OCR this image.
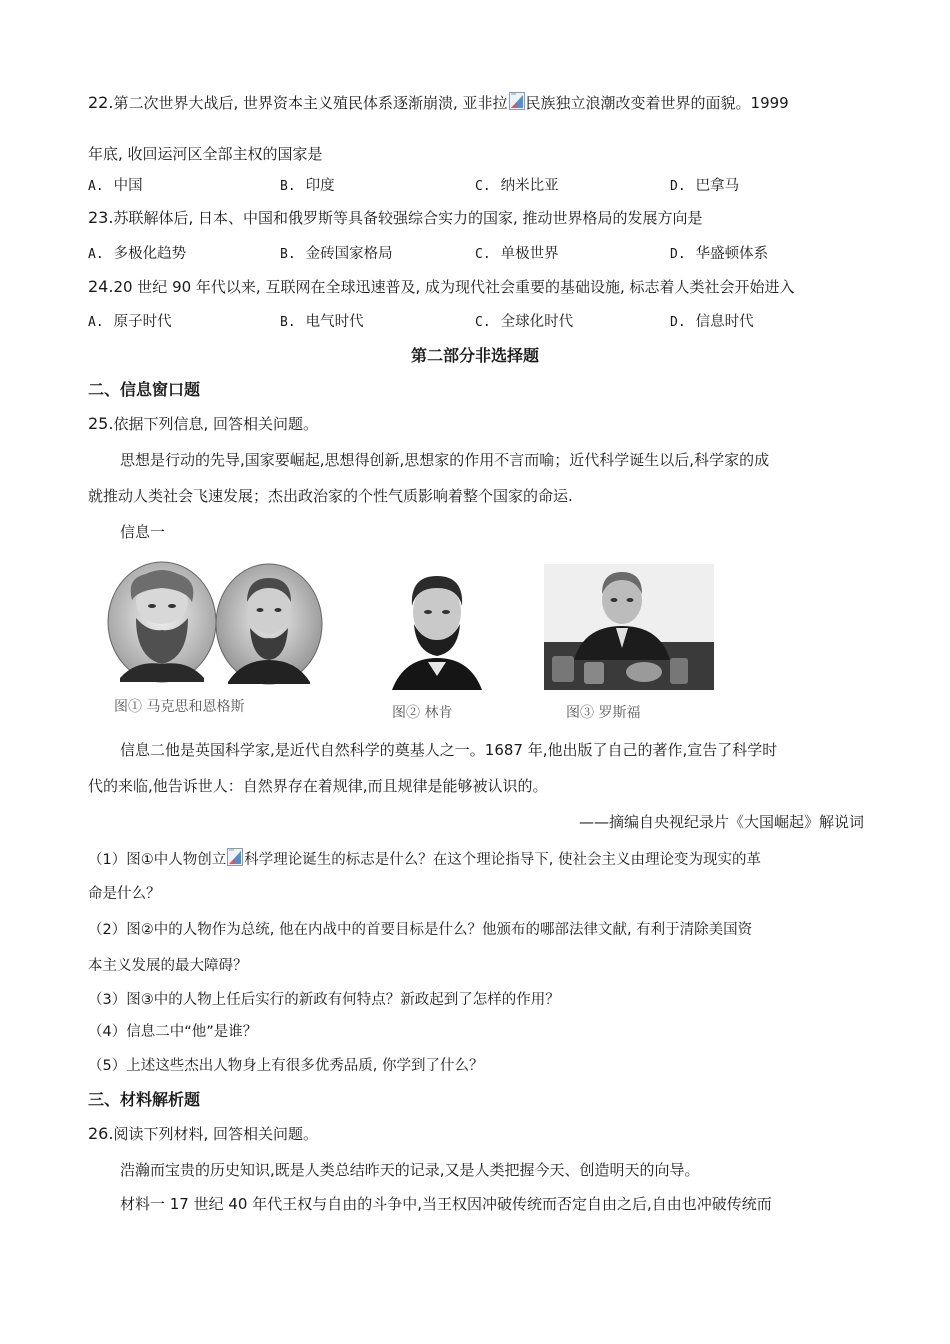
22.第二次世界大战后, 世界资本主义殖民体系逐渐崩溃, 亚非拉 民族独立浪潮改变着世界的面貌。1999
年底, 收回运河区全部主权的国家是
A. 中国	B. 印度	C. 纳米比亚	D. 巴拿马
23.苏联解体后, 日本、中国和俄罗斯等具备较强综合实力的国家, 推动世界格局的发展方向是
A. 多极化趋势	B. 金砖国家格局	C. 单极世界	D. 华盛顿体系
24.20 世纪 90 年代以来, 互联网在全球迅速普及, 成为现代社会重要的基础设施, 标志着人类社会开始进入
A. 原子时代	B. 电气时代	C. 全球化时代	D. 信息时代
第二部分非选择题
二、信息窗口题
25.依据下列信息, 回答相关问题。
思想是行动的先导,国家要崛起,思想得创新,思想家的作用不言而喻；近代科学诞生以后,科学家的成
就推动人类社会飞速发展；杰出政治家的个性气质影响着整个国家的命运.
信息一
图① 马克思和恩格斯	图② 林肯	图③ 罗斯福
信息二他是英国科学家,是近代自然科学的奠基人之一。1687 年,他出版了自己的著作,宣告了科学时
代的来临,他告诉世人：自然界存在着规律,而且规律是能够被认识的。
——摘编自央视纪录片《大国崛起》解说词
（1）图①中人物创立 科学理论诞生的标志是什么？在这个理论指导下, 使社会主义由理论变为现实的革
命是什么？
（2）图②中的人物作为总统, 他在内战中的首要目标是什么？他颁布的哪部法律文献, 有利于清除美国资
本主义发展的最大障碍？
（3）图③中的人物上任后实行的新政有何特点？新政起到了怎样的作用？
（4）信息二中“他”是谁？
（5）上述这些杰出人物身上有很多优秀品质, 你学到了什么？
三、材料解析题
26.阅读下列材料, 回答相关问题。
浩瀚而宝贵的历史知识,既是人类总结昨天的记录,又是人类把握今天、创造明天的向导。
材料一 17 世纪 40 年代王权与自由的斗争中,当王权因冲破传统而否定自由之后,自由也冲破传统而
